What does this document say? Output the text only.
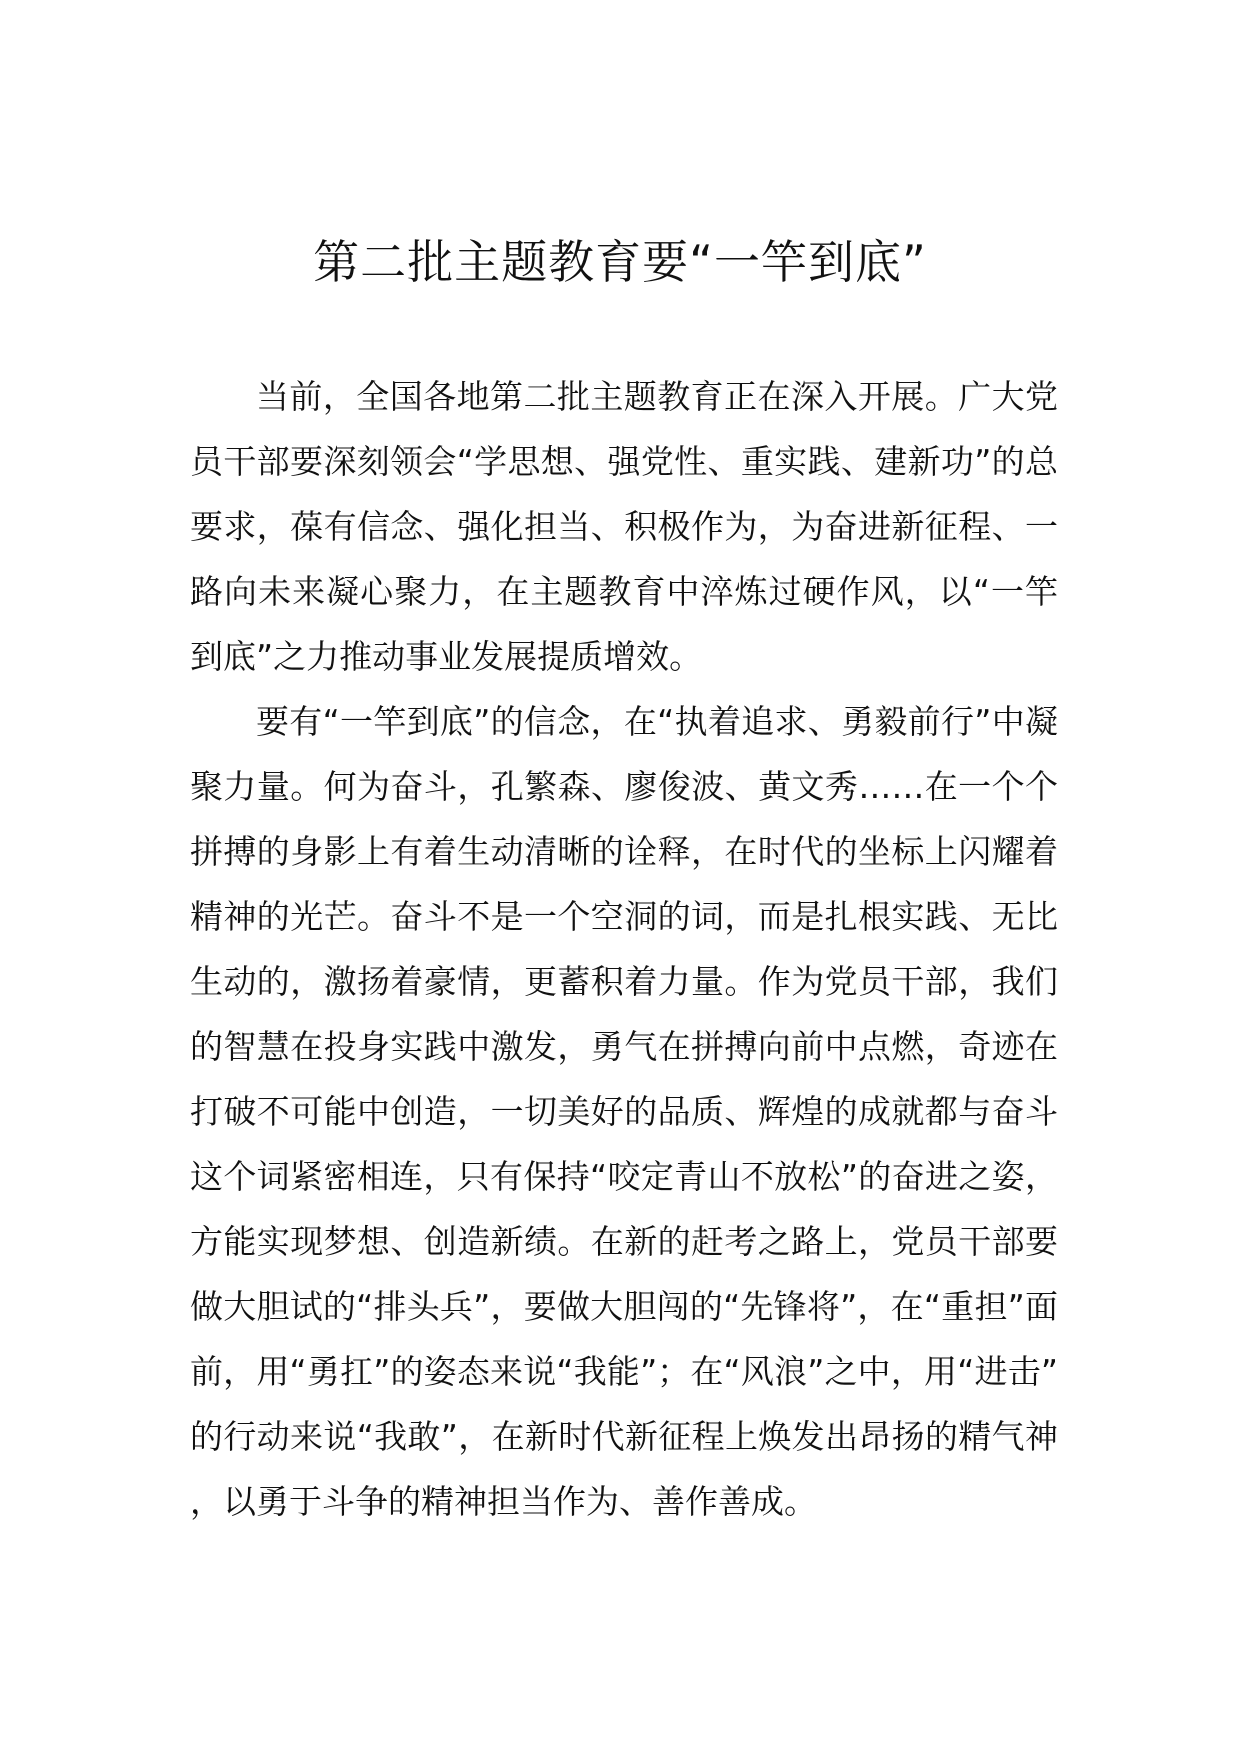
第二批主题教育要“一竿到底”

当前，全国各地第二批主题教育正在深入开展。广大党员干部要深刻领会“学思想、强党性、重实践、建新功”的总要求，葆有信念、强化担当、积极作为，为奋进新征程、一路向未来凝心聚力，在主题教育中淬炼过硬作风，以“一竿到底”之力推动事业发展提质增效。

要有“一竿到底”的信念，在“执着追求、勇毅前行”中凝聚力量。何为奋斗，孔繁森、廖俊波、黄文秀……在一个个拼搏的身影上有着生动清晰的诠释，在时代的坐标上闪耀着精神的光芒。奋斗不是一个空洞的词，而是扎根实践、无比生动的，激扬着豪情，更蓄积着力量。作为党员干部，我们的智慧在投身实践中激发，勇气在拼搏向前中点燃，奇迹在打破不可能中创造，一切美好的品质、辉煌的成就都与奋斗这个词紧密相连，只有保持“咬定青山不放松”的奋进之姿，方能实现梦想、创造新绩。在新的赶考之路上，党员干部要做大胆试的“排头兵”，要做大胆闯的“先锋将”，在“重担”面前，用“勇扛”的姿态来说“我能”；在“风浪”之中，用“进击”的行动来说“我敢”，在新时代新征程上焕发出昂扬的精气神，以勇于斗争的精神担当作为、善作善成。
